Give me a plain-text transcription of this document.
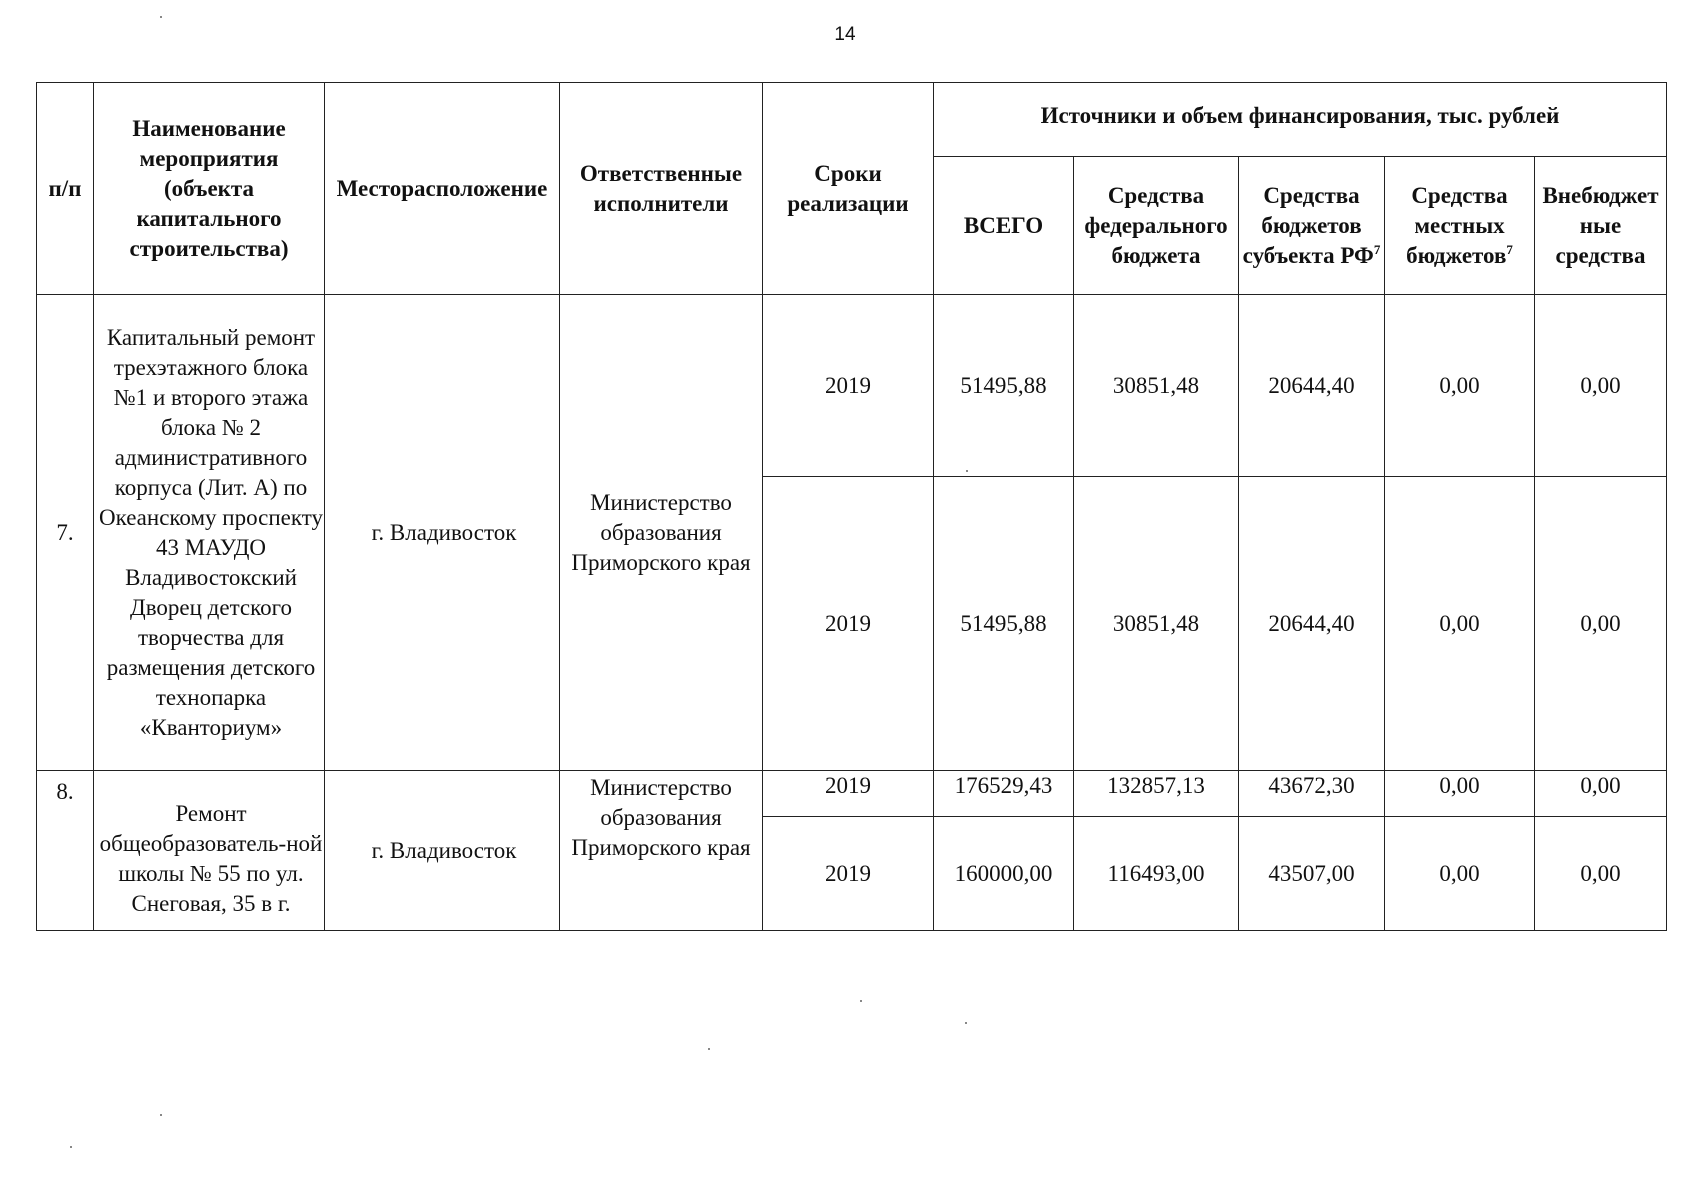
14
п/п	Наименование мероприятия (объекта капитального строительства)	Месторасположение	Ответственные исполнители	Сроки реализации	Источники и объем финансирования, тыс. рублей				
					ВСЕГО	Средства федерального бюджета	Средства бюджетов субъекта $РФ^7$	Средства местных бюджетов$^7$	Внебюджет ные средства
7.	Капитальный ремонт трехэтажного блока №1 и второго этажа блока № 2 административного корпуса (Лит. А) по Океанскому проспекту 43 МАУДО Владивостокский Дворец детского творчества для размещения детского технопарка «Кванториум»	г. Владивосток	Министерство образования Приморского края	2019	51495,88	30851,48	20644,40	0,00	0,00
				2019	51495,88	30851,48	20644,40	0,00	0,00
8.	Ремонт общеобразователь-ной школы № 55 по ул. Снеговая, 35 в г.	г. Владивосток	Министерство образования Приморского края	2019	176529,43	132857,13	43672,30	0,00	0,00
				2019	160000,00	116493,00	43507,00	0,00	0,00
